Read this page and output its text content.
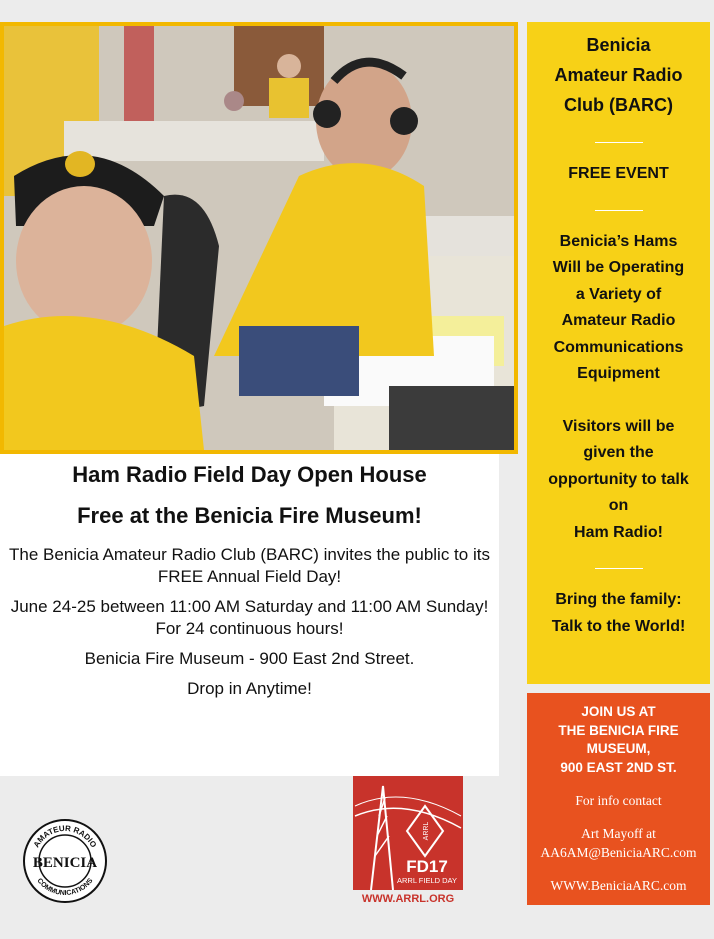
Benicia
Amateur Radio
Club (BARC)
FREE EVENT
Benicia’s Hams
Will be Operating
a Variety of
Amateur Radio
Communications
Equipment
Visitors will be
given the
opportunity to talk
on
Ham Radio!
Bring the family:
Talk to the World!
JOIN US AT
THE BENICIA FIRE
MUSEUM,
900 EAST 2ND ST.
For info contact
Art Mayoff at
AA6AM@BeniciaARC.com
WWW.BeniciaARC.com
Ham Radio Field Day Open House
Free at the Benicia Fire Museum!
The Benicia Amateur Radio Club (BARC) invites the public to its FREE Annual Field Day!
June 24-25 between 11:00 AM Saturday and 11:00 AM Sunday! For 24 continuous hours!
Benicia Fire Museum - 900 East 2nd Street.
Drop in Anytime!
AMATEUR RADIO
BENICIA
COMMUNICATIONS
ARRL
FD17
ARRL FIELD DAY
WWW.ARRL.ORG
